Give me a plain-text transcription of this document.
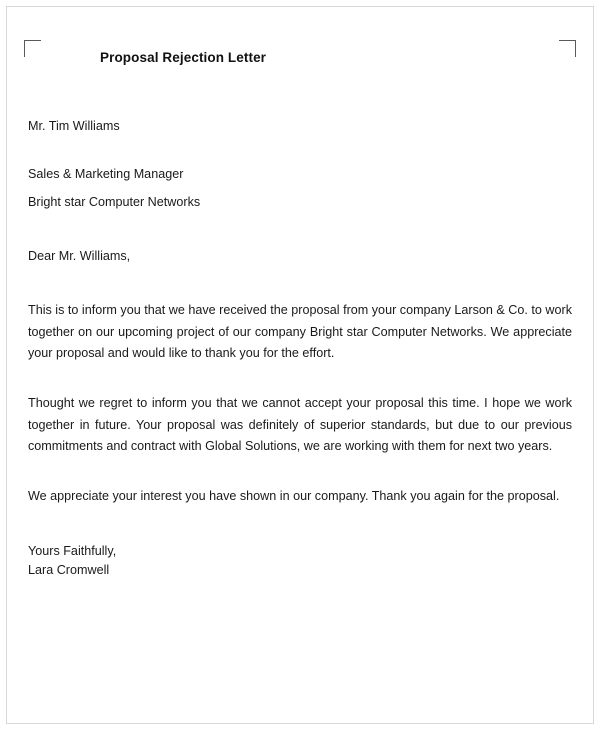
Proposal Rejection Letter

Mr. Tim Williams

Sales & Marketing Manager

Bright star Computer Networks

Dear Mr. Williams,

This is to inform you that we have received the proposal from your company Larson & Co. to work together on our upcoming project of our company Bright star Computer Networks. We appreciate your proposal and would like to thank you for the effort.

Thought we regret to inform you that we cannot accept your proposal this time. I hope we work together in future. Your proposal was definitely of superior standards, but due to our previous commitments and contract with Global Solutions, we are working with them for next two years.

We appreciate your interest you have shown in our company. Thank you again for the proposal.

Yours Faithfully,

Lara Cromwell
